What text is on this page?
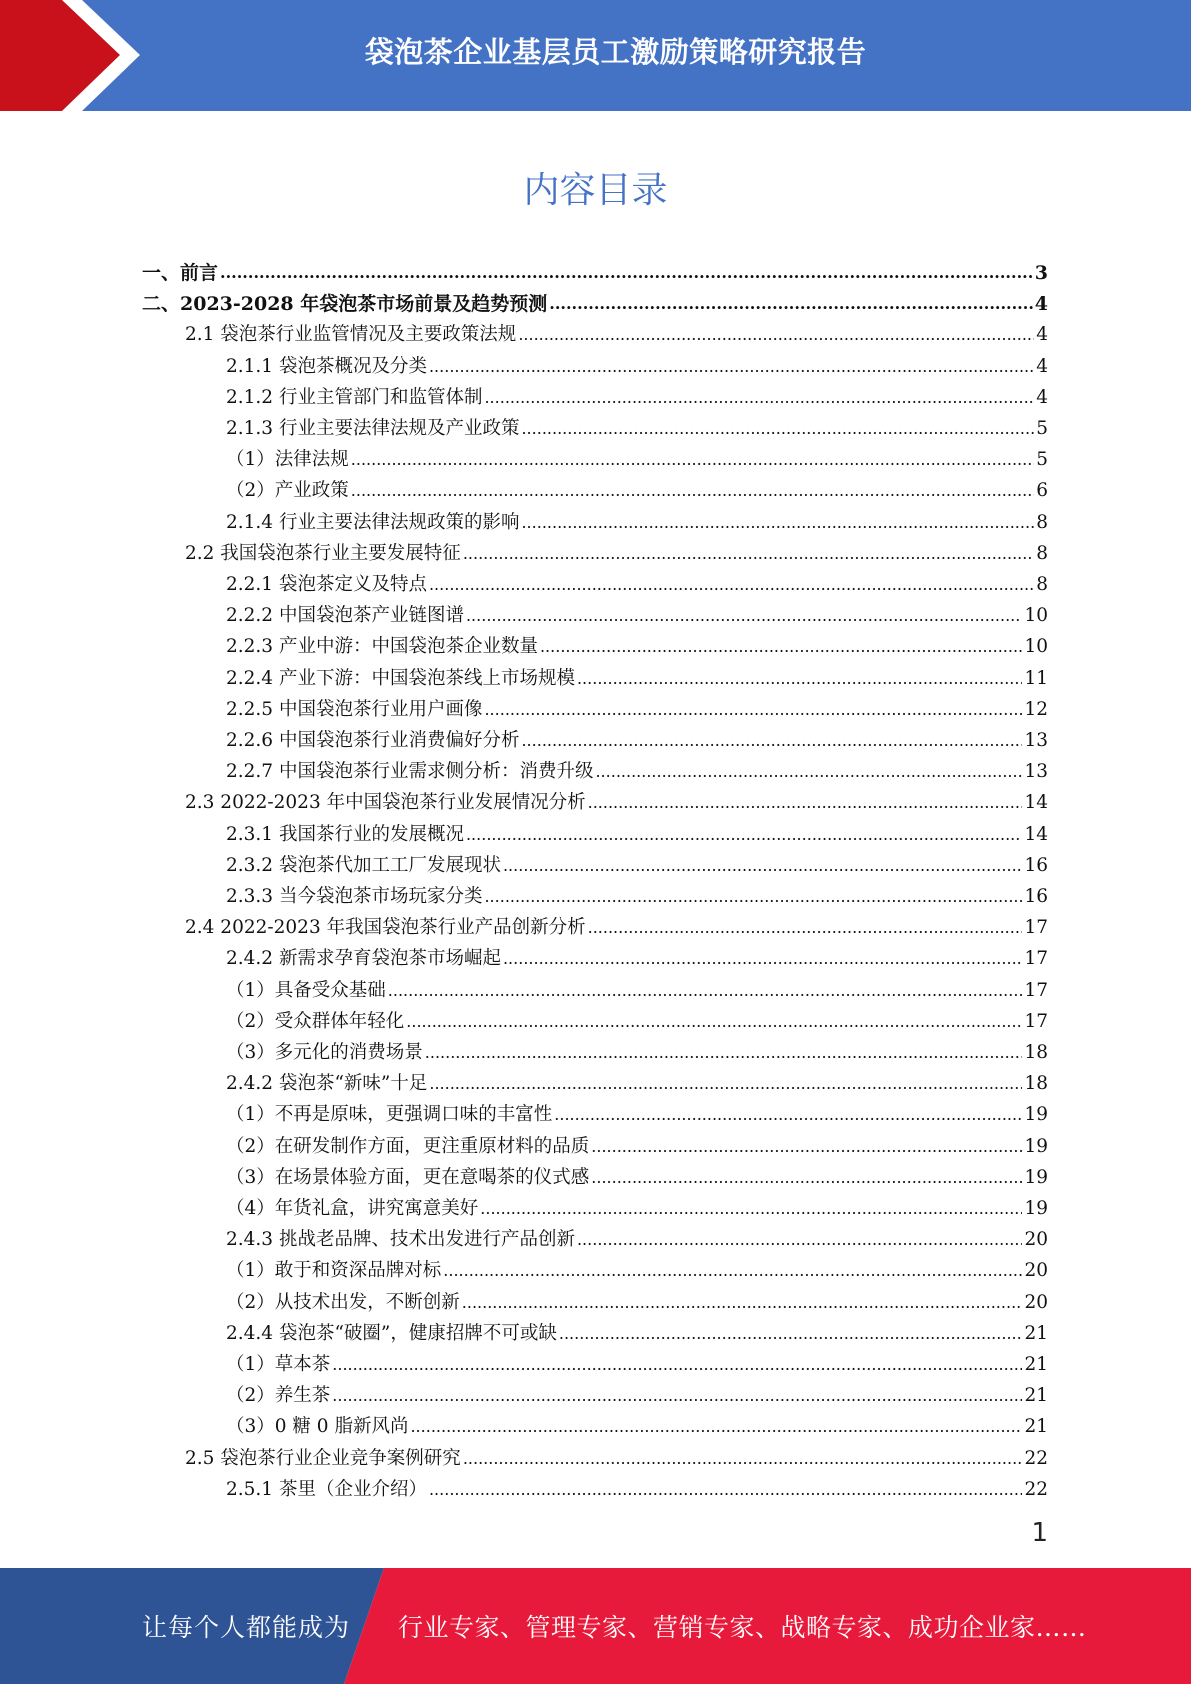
袋泡茶企业基层员工激励策略研究报告
内容目录
一、前言 .....	3
二、2023-2028 年袋泡茶市场前景及趋势预测 .....	4
2.1 袋泡茶行业监管情况及主要政策法规 .....	4
2.1.1 袋泡茶概况及分类 .....	4
2.1.2 行业主管部门和监管体制 .....	4
2.1.3 行业主要法律法规及产业政策 .....	5
（1）法律法规 .....	5
（2）产业政策 .....	6
2.1.4 行业主要法律法规政策的影响 .....	8
2.2 我国袋泡茶行业主要发展特征 .....	8
2.2.1 袋泡茶定义及特点 .....	8
2.2.2 中国袋泡茶产业链图谱 .....	10
2.2.3 产业中游：中国袋泡茶企业数量 .....	10
2.2.4 产业下游：中国袋泡茶线上市场规模 .....	11
2.2.5 中国袋泡茶行业用户画像 .....	12
2.2.6 中国袋泡茶行业消费偏好分析 .....	13
2.2.7 中国袋泡茶行业需求侧分析：消费升级 .....	13
2.3 2022-2023 年中国袋泡茶行业发展情况分析 .....	14
2.3.1 我国茶行业的发展概况 .....	14
2.3.2 袋泡茶代加工工厂发展现状 .....	16
2.3.3 当今袋泡茶市场玩家分类 .....	16
2.4 2022-2023 年我国袋泡茶行业产品创新分析 .....	17
2.4.2 新需求孕育袋泡茶市场崛起 .....	17
（1）具备受众基础 .....	17
（2）受众群体年轻化 .....	17
（3）多元化的消费场景 .....	18
2.4.2 袋泡茶“新味”十足 .....	18
（1）不再是原味，更强调口味的丰富性 .....	19
（2）在研发制作方面，更注重原材料的品质 .....	19
（3）在场景体验方面，更在意喝茶的仪式感 .....	19
（4）年货礼盒，讲究寓意美好 .....	19
2.4.3 挑战老品牌、技术出发进行产品创新 .....	20
（1）敢于和资深品牌对标 .....	20
（2）从技术出发，不断创新 .....	20
2.4.4 袋泡茶“破圈”，健康招牌不可或缺 .....	21
（1）草本茶 .....	21
（2）养生茶 .....	21
（3）0 糖 0 脂新风尚 .....	21
2.5 袋泡茶行业企业竞争案例研究 .....	22
2.5.1 茶里（企业介绍） .....	22
1
让每个人都能成为 行业专家、管理专家、营销专家、战略专家、成功企业家……
